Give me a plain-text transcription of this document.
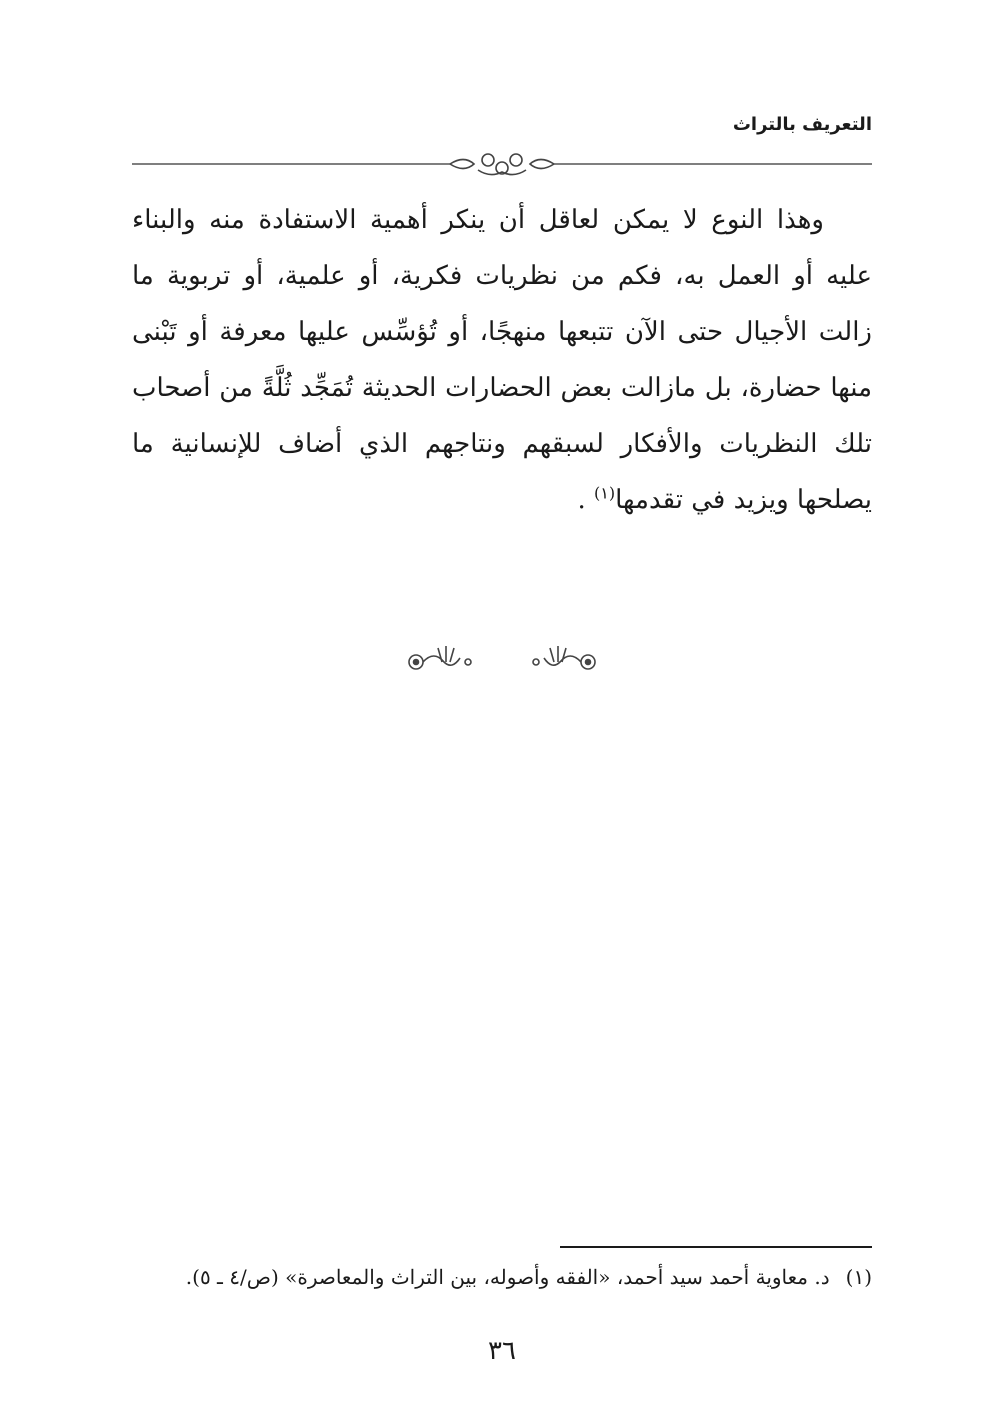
التعريف بالتراث

وهذا النوع لا يمكن لعاقل أن ينكر أهمية الاستفادة منه والبناء عليه أو العمل به، فكم من نظريات فكرية، أو علمية، أو تربوية ما زالت الأجيال حتى الآن تتبعها منهجًا، أو تُؤسِّس عليها معرفة أو تَبْنى منها حضارة، بل مازالت بعض الحضارات الحديثة تُمَجِّد ثُلَّةً من أصحاب تلك النظريات والأفكار لسبقهم ونتاجهم الذي أضاف للإنسانية ما يصلحها ويزيد في تقدمها$^{(١)}$ .

(١)د. معاوية أحمد سيد أحمد، «الفقه وأصوله، بين التراث والمعاصرة» (ص/٤ ـ ٥).
٣٦
